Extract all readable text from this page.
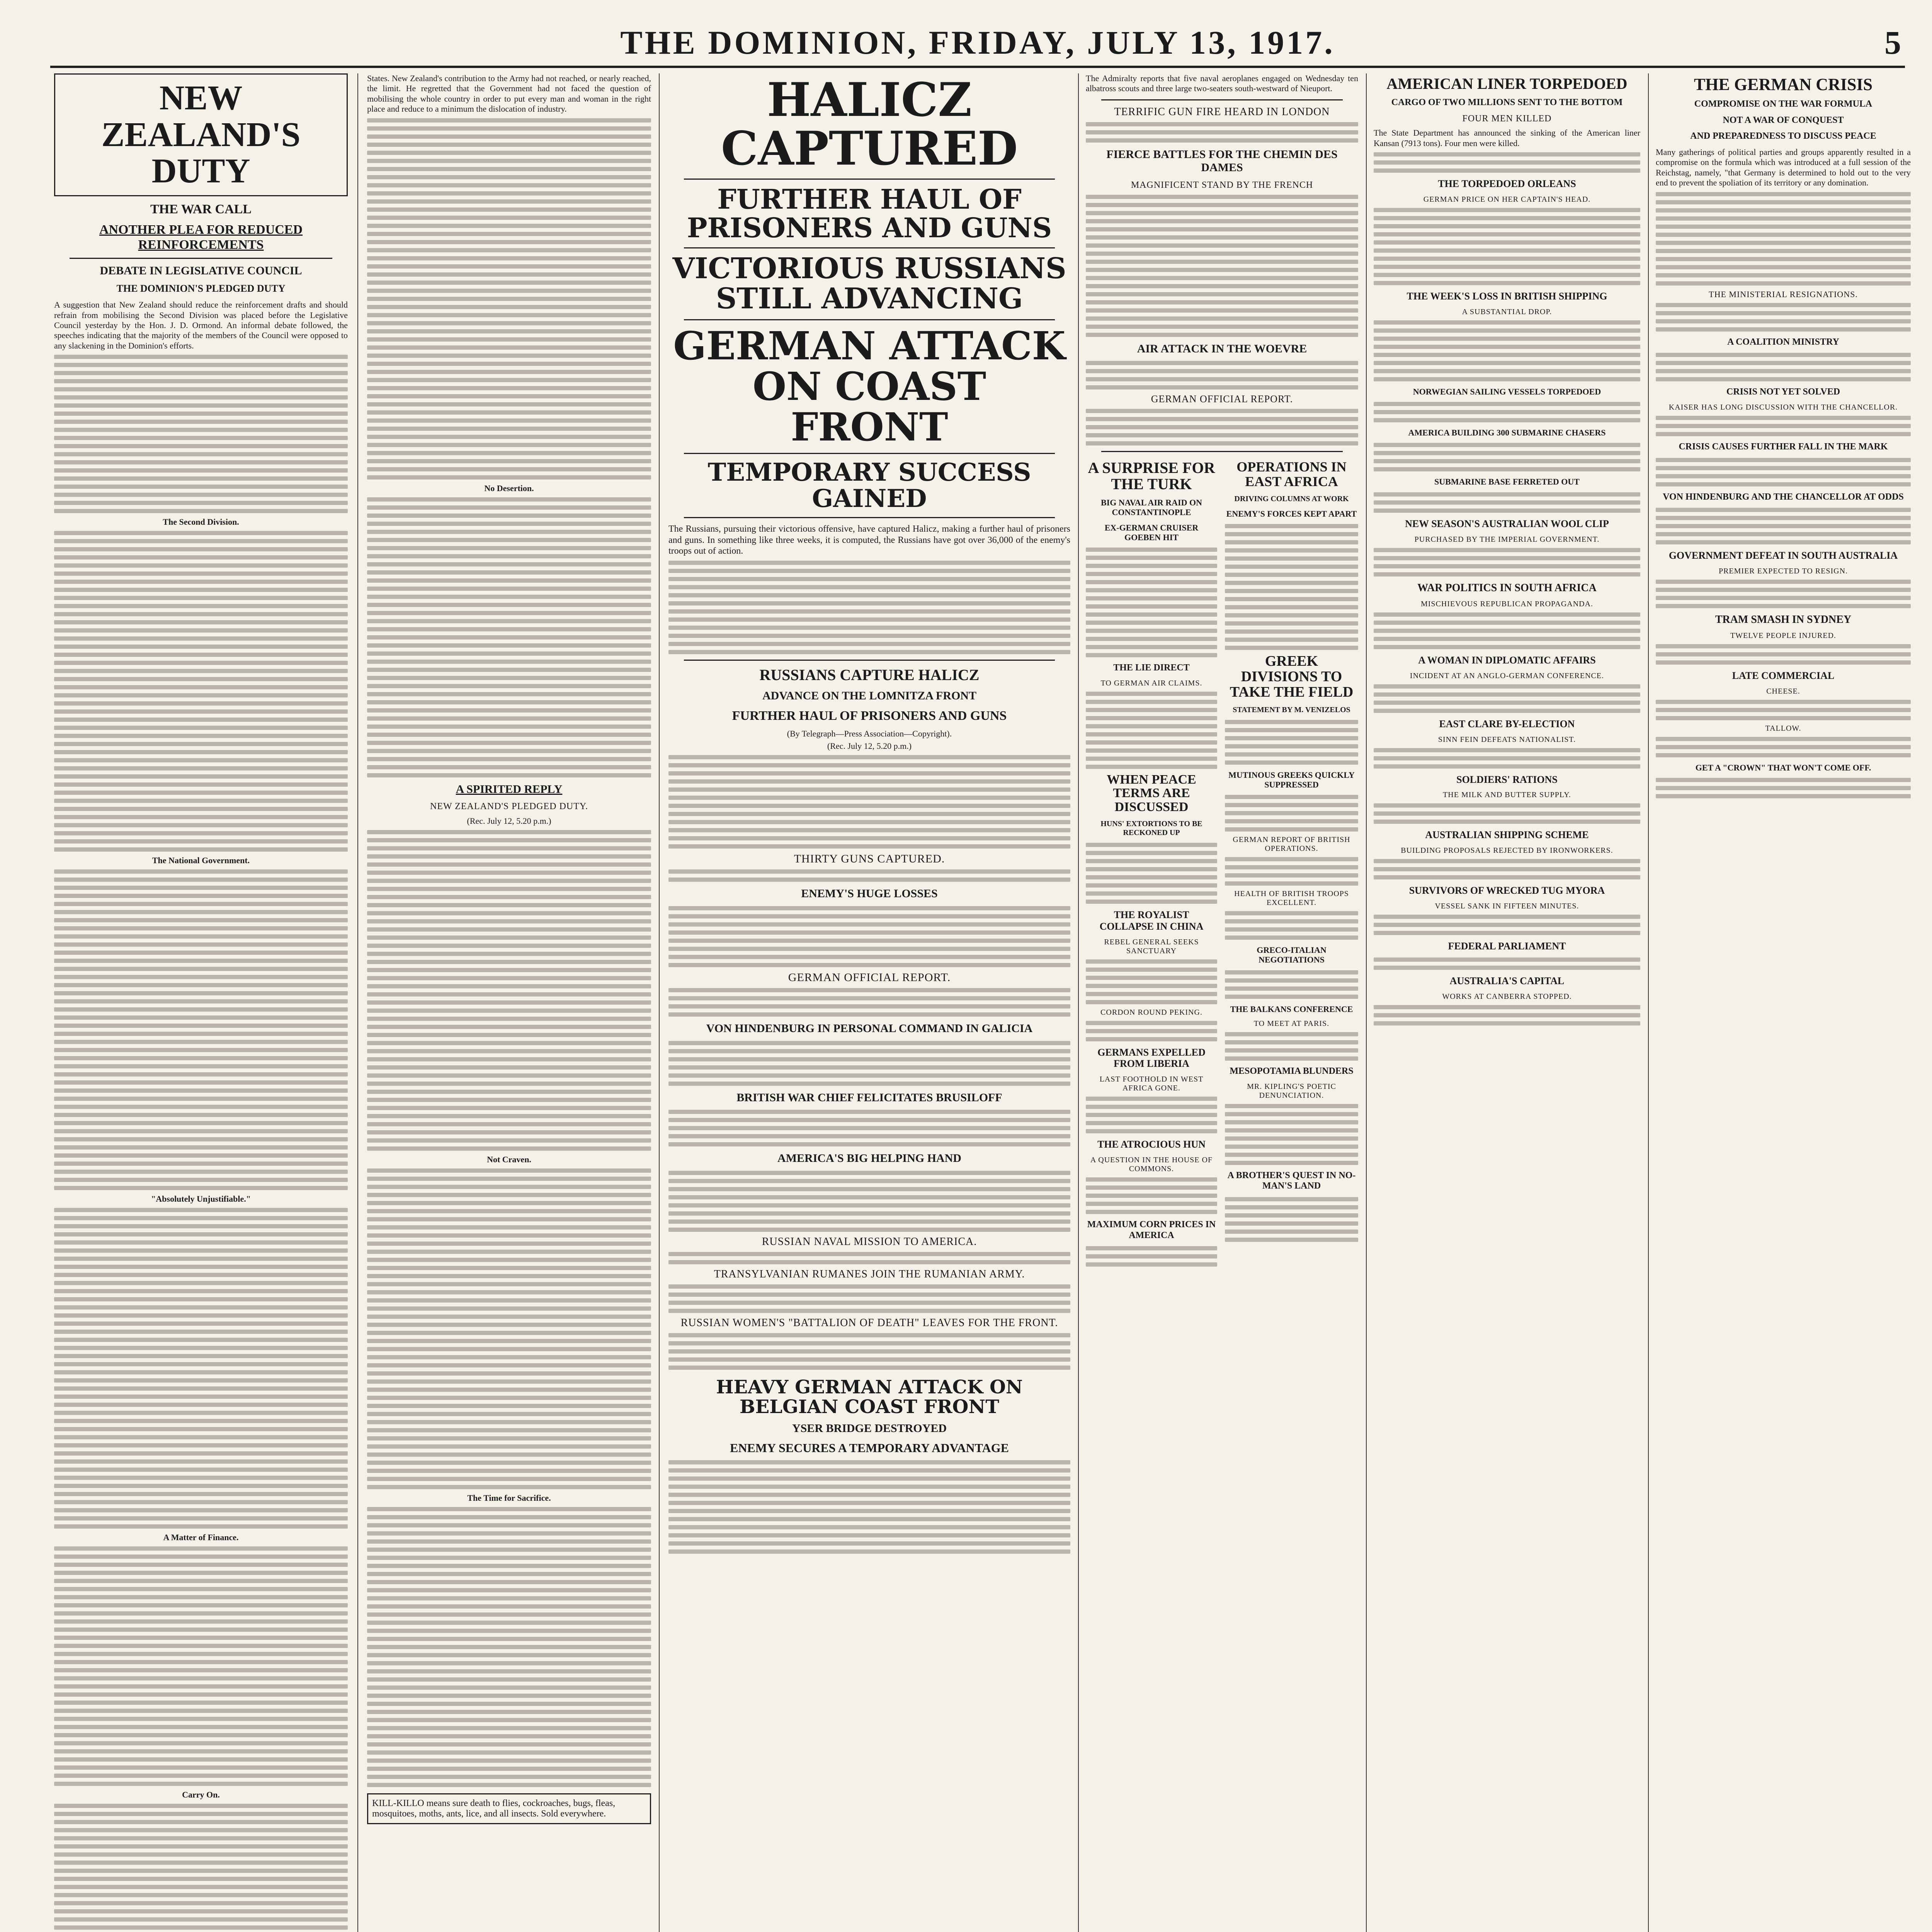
THE DOMINION, FRIDAY, JULY 13, 1917.	5
NEW ZEALAND'S DUTY
THE WAR CALL
ANOTHER PLEA FOR REDUCED REINFORCEMENTS
DEBATE IN LEGISLATIVE COUNCIL
THE DOMINION'S PLEDGED DUTY

A suggestion that New Zealand should reduce the reinforcement drafts and should refrain from mobilising the Second Division was placed before the Legislative Council yesterday by the Hon. J. D. Ormond. An informal debate followed, the speeches indicating that the majority of the members of the Council were opposed to any slackening in the Dominion's efforts.

The Second Division.
The National Government.
"Absolutely Unjustifiable."
A Matter of Finance.
Carry On.

States. New Zealand's contribution to the Army had not reached, or nearly reached, the limit. He regretted that the Government had not faced the question of mobilising the whole country in order to put every man and woman in the right place and reduce to a minimum the dislocation of industry.

No Desertion.
A SPIRITED REPLY
NEW ZEALAND'S PLEDGED DUTY.
(Rec. July 12, 5.20 p.m.)
Not Craven.
The Time for Sacrifice.
KILL-KILLO means sure death to flies, cockroaches, bugs, fleas, mosquitoes, moths, ants, lice, and all insects. Sold everywhere.
HALICZ CAPTURED
FURTHER HAUL OF PRISONERS AND GUNS
VICTORIOUS RUSSIANS STILL ADVANCING
GERMAN ATTACK ON COAST FRONT
TEMPORARY SUCCESS GAINED

The Russians, pursuing their victorious offensive, have captured Halicz, making a further haul of prisoners and guns. In something like three weeks, it is computed, the Russians have got over 36,000 of the enemy's troops out of action.

RUSSIANS CAPTURE HALICZ
ADVANCE ON THE LOMNITZA FRONT
FURTHER HAUL OF PRISONERS AND GUNS
(By Telegraph—Press Association—Copyright).
(Rec. July 12, 5.20 p.m.)
THIRTY GUNS CAPTURED.
ENEMY'S HUGE LOSSES
GERMAN OFFICIAL REPORT.
VON HINDENBURG IN PERSONAL COMMAND IN GALICIA
BRITISH WAR CHIEF FELICITATES BRUSILOFF
AMERICA'S BIG HELPING HAND
RUSSIAN NAVAL MISSION TO AMERICA.
TRANSYLVANIAN RUMANES JOIN THE RUMANIAN ARMY.
RUSSIAN WOMEN'S "BATTALION OF DEATH" LEAVES FOR THE FRONT.
HEAVY GERMAN ATTACK ON BELGIAN COAST FRONT
YSER BRIDGE DESTROYED
ENEMY SECURES A TEMPORARY ADVANTAGE

The Admiralty reports that five naval aeroplanes engaged on Wednesday ten albatross scouts and three large two-seaters south-westward of Nieuport.

TERRIFIC GUN FIRE HEARD IN LONDON
FIERCE BATTLES FOR THE CHEMIN DES DAMES
MAGNIFICENT STAND BY THE FRENCH
AIR ATTACK IN THE WOEVRE
GERMAN OFFICIAL REPORT.
A SURPRISE FOR THE TURK
BIG NAVAL AIR RAID ON CONSTANTINOPLE
EX-GERMAN CRUISER GOEBEN HIT
THE LIE DIRECT
TO GERMAN AIR CLAIMS.
WHEN PEACE TERMS ARE DISCUSSED
HUNS' EXTORTIONS TO BE RECKONED UP
THE ROYALIST COLLAPSE IN CHINA
REBEL GENERAL SEEKS SANCTUARY
CORDON ROUND PEKING.
GERMANS EXPELLED FROM LIBERIA
LAST FOOTHOLD IN WEST AFRICA GONE.
THE ATROCIOUS HUN
A QUESTION IN THE HOUSE OF COMMONS.
MAXIMUM CORN PRICES IN AMERICA
OPERATIONS IN EAST AFRICA
DRIVING COLUMNS AT WORK
ENEMY'S FORCES KEPT APART
GREEK DIVISIONS TO TAKE THE FIELD
STATEMENT BY M. VENIZELOS
MUTINOUS GREEKS QUICKLY SUPPRESSED
GERMAN REPORT OF BRITISH OPERATIONS.
HEALTH OF BRITISH TROOPS EXCELLENT.
GRECO-ITALIAN NEGOTIATIONS
THE BALKANS CONFERENCE
TO MEET AT PARIS.
MESOPOTAMIA BLUNDERS
MR. KIPLING'S POETIC DENUNCIATION.
A BROTHER'S QUEST IN NO-MAN'S LAND
AMERICAN LINER TORPEDOED
CARGO OF TWO MILLIONS SENT TO THE BOTTOM
FOUR MEN KILLED

The State Department has announced the sinking of the American liner Kansan (7913 tons). Four men were killed.

THE TORPEDOED ORLEANS
GERMAN PRICE ON HER CAPTAIN'S HEAD.
THE WEEK'S LOSS IN BRITISH SHIPPING
A SUBSTANTIAL DROP.
NORWEGIAN SAILING VESSELS TORPEDOED
AMERICA BUILDING 300 SUBMARINE CHASERS
SUBMARINE BASE FERRETED OUT
NEW SEASON'S AUSTRALIAN WOOL CLIP
PURCHASED BY THE IMPERIAL GOVERNMENT.
WAR POLITICS IN SOUTH AFRICA
MISCHIEVOUS REPUBLICAN PROPAGANDA.
A WOMAN IN DIPLOMATIC AFFAIRS
INCIDENT AT AN ANGLO-GERMAN CONFERENCE.
EAST CLARE BY-ELECTION
SINN FEIN DEFEATS NATIONALIST.
SOLDIERS' RATIONS
THE MILK AND BUTTER SUPPLY.
AUSTRALIAN SHIPPING SCHEME
BUILDING PROPOSALS REJECTED BY IRONWORKERS.
SURVIVORS OF WRECKED TUG MYORA
VESSEL SANK IN FIFTEEN MINUTES.
FEDERAL PARLIAMENT
AUSTRALIA'S CAPITAL
WORKS AT CANBERRA STOPPED.
THE GERMAN CRISIS
COMPROMISE ON THE WAR FORMULA
NOT A WAR OF CONQUEST
AND PREPAREDNESS TO DISCUSS PEACE

Many gatherings of political parties and groups apparently resulted in a compromise on the formula which was introduced at a full session of the Reichstag, namely, "that Germany is determined to hold out to the very end to prevent the spoliation of its territory or any domination.

THE MINISTERIAL RESIGNATIONS.
A COALITION MINISTRY
CRISIS NOT YET SOLVED
KAISER HAS LONG DISCUSSION WITH THE CHANCELLOR.
CRISIS CAUSES FURTHER FALL IN THE MARK
VON HINDENBURG AND THE CHANCELLOR AT ODDS
GOVERNMENT DEFEAT IN SOUTH AUSTRALIA
PREMIER EXPECTED TO RESIGN.
TRAM SMASH IN SYDNEY
TWELVE PEOPLE INJURED.
LATE COMMERCIAL
CHEESE.
TALLOW.
GET A "CROWN" THAT WON'T COME OFF.
